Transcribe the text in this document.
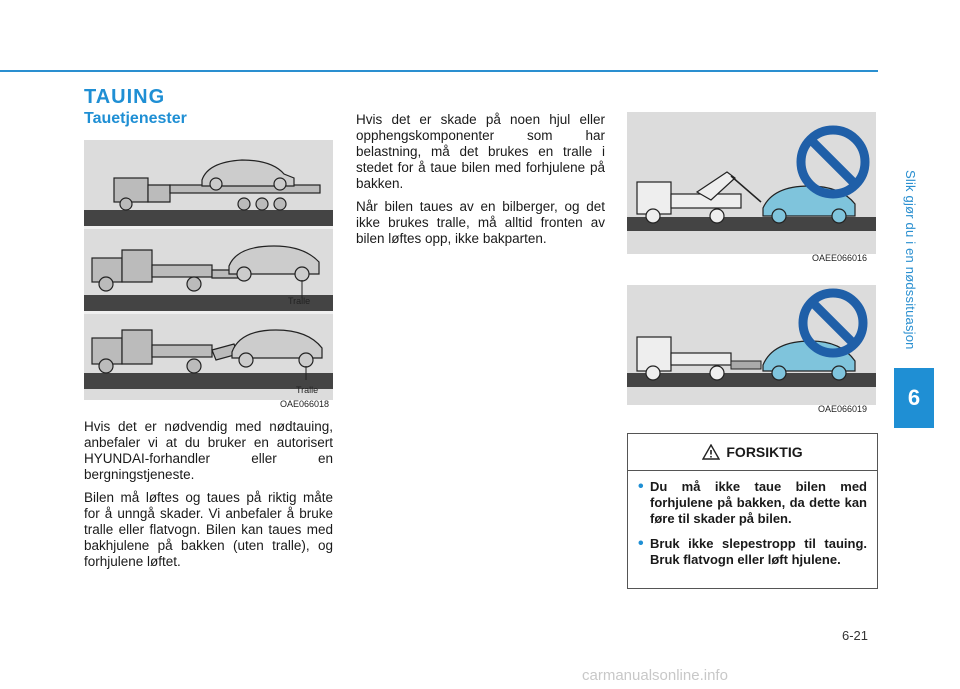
Slik gjør du i en nødssituasjon
6
TAUING
Tauetjenester
Tralle
Tralle
OAE066018
OAEE066016
OAE066019

Hvis det er nødvendig med nødtauing, anbefaler vi at du bruker en autorisert HYUNDAI-forhandler eller en bergningstjeneste.

Bilen må løftes og taues på riktig måte for å unngå skader. Vi anbefaler å bruke tralle eller flatvogn. Bilen kan taues med bakhjulene på bakken (uten tralle), og forhjulene løftet.

Hvis det er skade på noen hjul eller opphengskomponenter som har belastning, må det brukes en tralle i stedet for å taue bilen med forhjulene på bakken.

Når bilen taues av en bilberger, og det ikke brukes tralle, må alltid fronten av bilen løftes opp, ikke bakparten.

FORSIKTIG
• Du må ikke taue bilen med forhjulene på bakken, da dette kan føre til skader på bilen.
• Bruk ikke slepestropp til tauing. Bruk flatvogn eller løft hjulene.
6-21
carmanualsonline.info
